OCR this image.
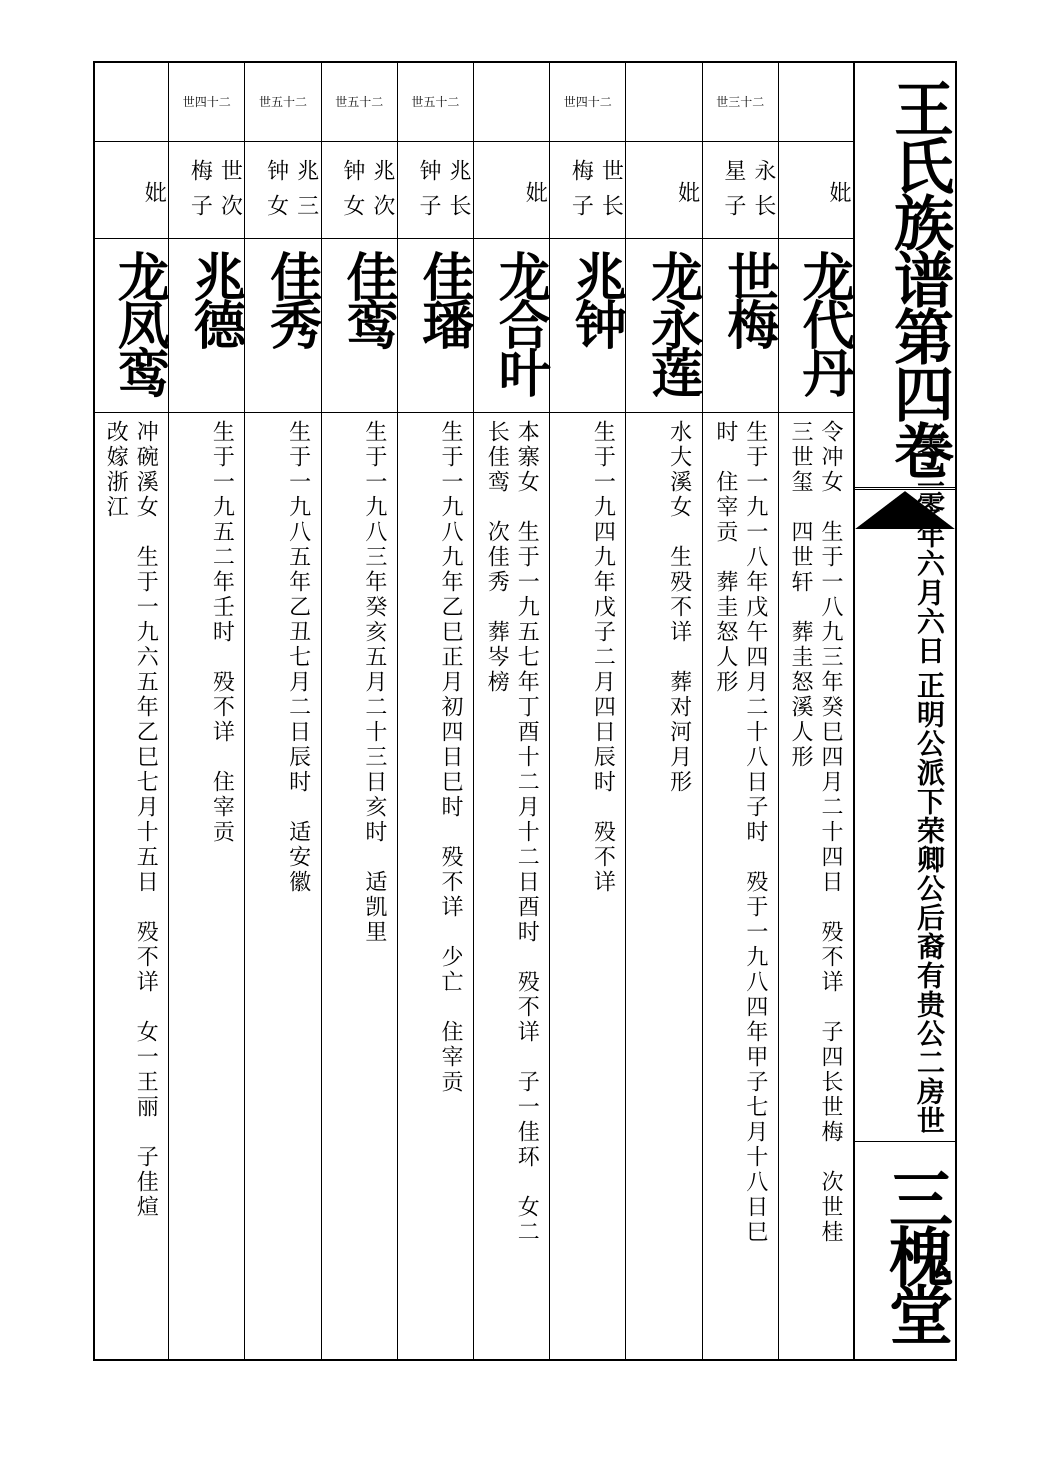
妣
龙代丹
令冲女　生于一八九三年癸巳四月二十四日　殁不详　子四长世梅　次世桂
三世玺　四世轩　葬圭怒溪人形
世三十二
永星
长子
世梅
生于一九一八年戊午四月二十八日子时　殁于一九八四年甲子七月十八日巳
时　住宰贡　葬圭怒人形
妣
龙永莲
水大溪女　生殁不详　葬对河月形
世四十二
世梅
长子
兆钟
生于一九四九年戊子二月四日辰时　殁不详
妣
龙合叶
本寨女　生于一九五七年丁酉十二月十二日酉时　殁不详　子一佳环　女二
长佳鸾　次佳秀　葬岑榜
世五十二
兆钟
长子
佳璠
生于一九八九年乙巳正月初四日巳时　殁不详　少亡　住宰贡
世五十二
兆钟
次女
佳鸾
生于一九八三年癸亥五月二十三日亥时　适凯里
世五十二
兆钟
三女
佳秀
生于一九八五年乙丑七月二日辰时　适安徽
世四十二
世梅
次子
兆德
生于一九五二年壬时　殁不详　住宰贡
妣
龙凤鸾
冲碗溪女　生于一九六五年乙巳七月十五日　殁不详　女一王丽　子佳煊
改嫁浙江	王氏族谱第四卷
正明公派下荣卿公后裔有贵公二房世
二零二零年六月六日
三槐堂
